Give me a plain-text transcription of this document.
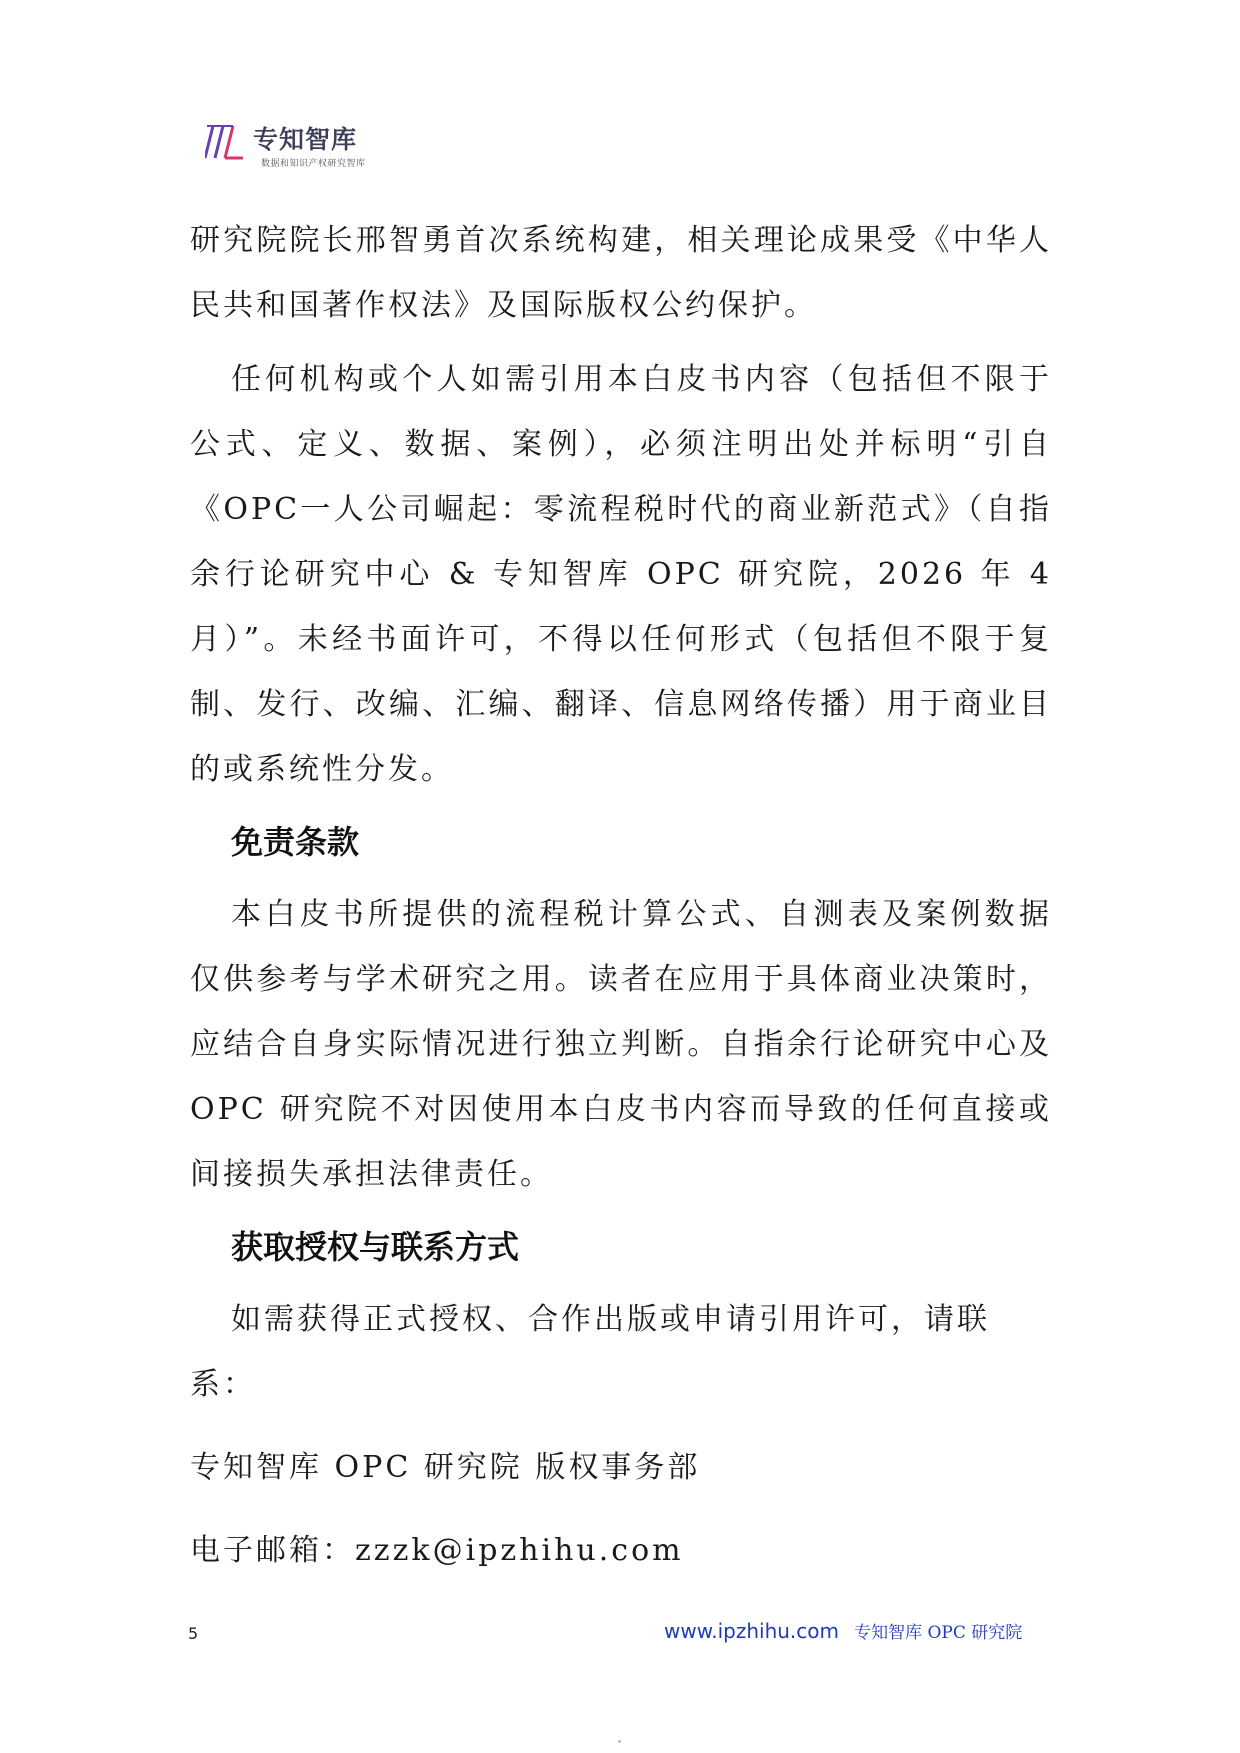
专知智库
数据和知识产权研究智库

研究院院长邢智勇首次系统构建，相关理论成果受《中华人民共和国著作权法》及国际版权公约保护。

任何机构或个人如需引用本白皮书内容（包括但不限于公式、定义、数据、案例），必须注明出处并标明“引自《OPC一人公司崛起：零流程税时代的商业新范式》（自指余行论研究中心 & 专知智库 OPC 研究院，2026 年 4 月）”。未经书面许可，不得以任何形式（包括但不限于复制、发行、改编、汇编、翻译、信息网络传播）用于商业目的或系统性分发。

免责条款

本白皮书所提供的流程税计算公式、自测表及案例数据仅供参考与学术研究之用。读者在应用于具体商业决策时，应结合自身实际情况进行独立判断。自指余行论研究中心及OPC 研究院不对因使用本白皮书内容而导致的任何直接或间接损失承担法律责任。

获取授权与联系方式

如需获得正式授权、合作出版或申请引用许可，请联系：

专知智库 OPC 研究院 版权事务部

电子邮箱：zzzk@ipzhihu.com

5	www.ipzhihu.com 专知智库 OPC 研究院
